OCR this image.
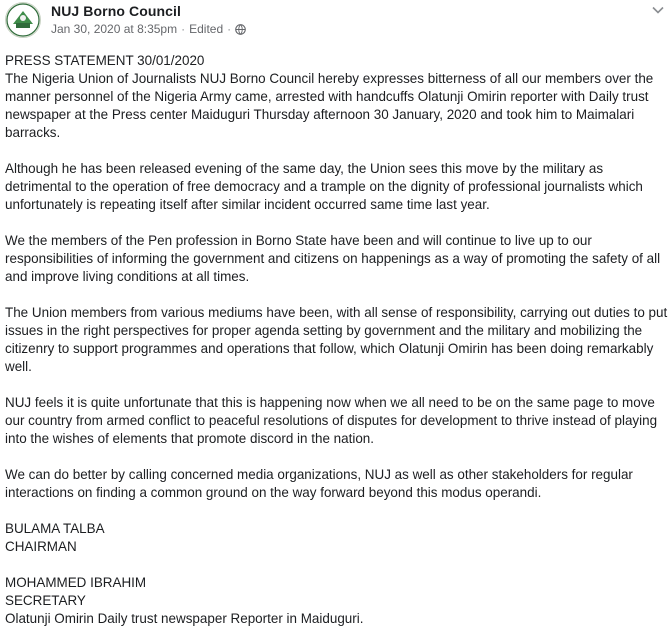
NUJ Borno Council
Jan 30, 2020 at 8:35pm · Edited ·

PRESS STATEMENT 30/01/2020
The Nigeria Union of Journalists NUJ Borno Council hereby expresses bitterness of all our members over the manner personnel of the Nigeria Army came, arrested with handcuffs Olatunji Omirin reporter with Daily trust newspaper at the Press center Maiduguri Thursday afternoon 30 January, 2020 and took him to Maimalari barracks.

Although he has been released evening of the same day, the Union sees this move by the military as detrimental to the operation of free democracy and a trample on the dignity of professional journalists which unfortunately is repeating itself after similar incident occurred same time last year.

We the members of the Pen profession in Borno State have been and will continue to live up to our responsibilities of informing the government and citizens on happenings as a way of promoting the safety of all and improve living conditions at all times.

The Union members from various mediums have been, with all sense of responsibility, carrying out duties to put issues in the right perspectives for proper agenda setting by government and the military and mobilizing the citizenry to support programmes and operations that follow, which Olatunji Omirin has been doing remarkably well.

NUJ feels it is quite unfortunate that this is happening now when we all need to be on the same page to move our country from armed conflict to peaceful resolutions of disputes for development to thrive instead of playing into the wishes of elements that promote discord in the nation.

We can do better by calling concerned media organizations, NUJ as well as other stakeholders for regular interactions on finding a common ground on the way forward beyond this modus operandi.

BULAMA TALBA
CHAIRMAN
MOHAMMED IBRAHIM
SECRETARY
Olatunji Omirin Daily trust newspaper Reporter in Maiduguri.
